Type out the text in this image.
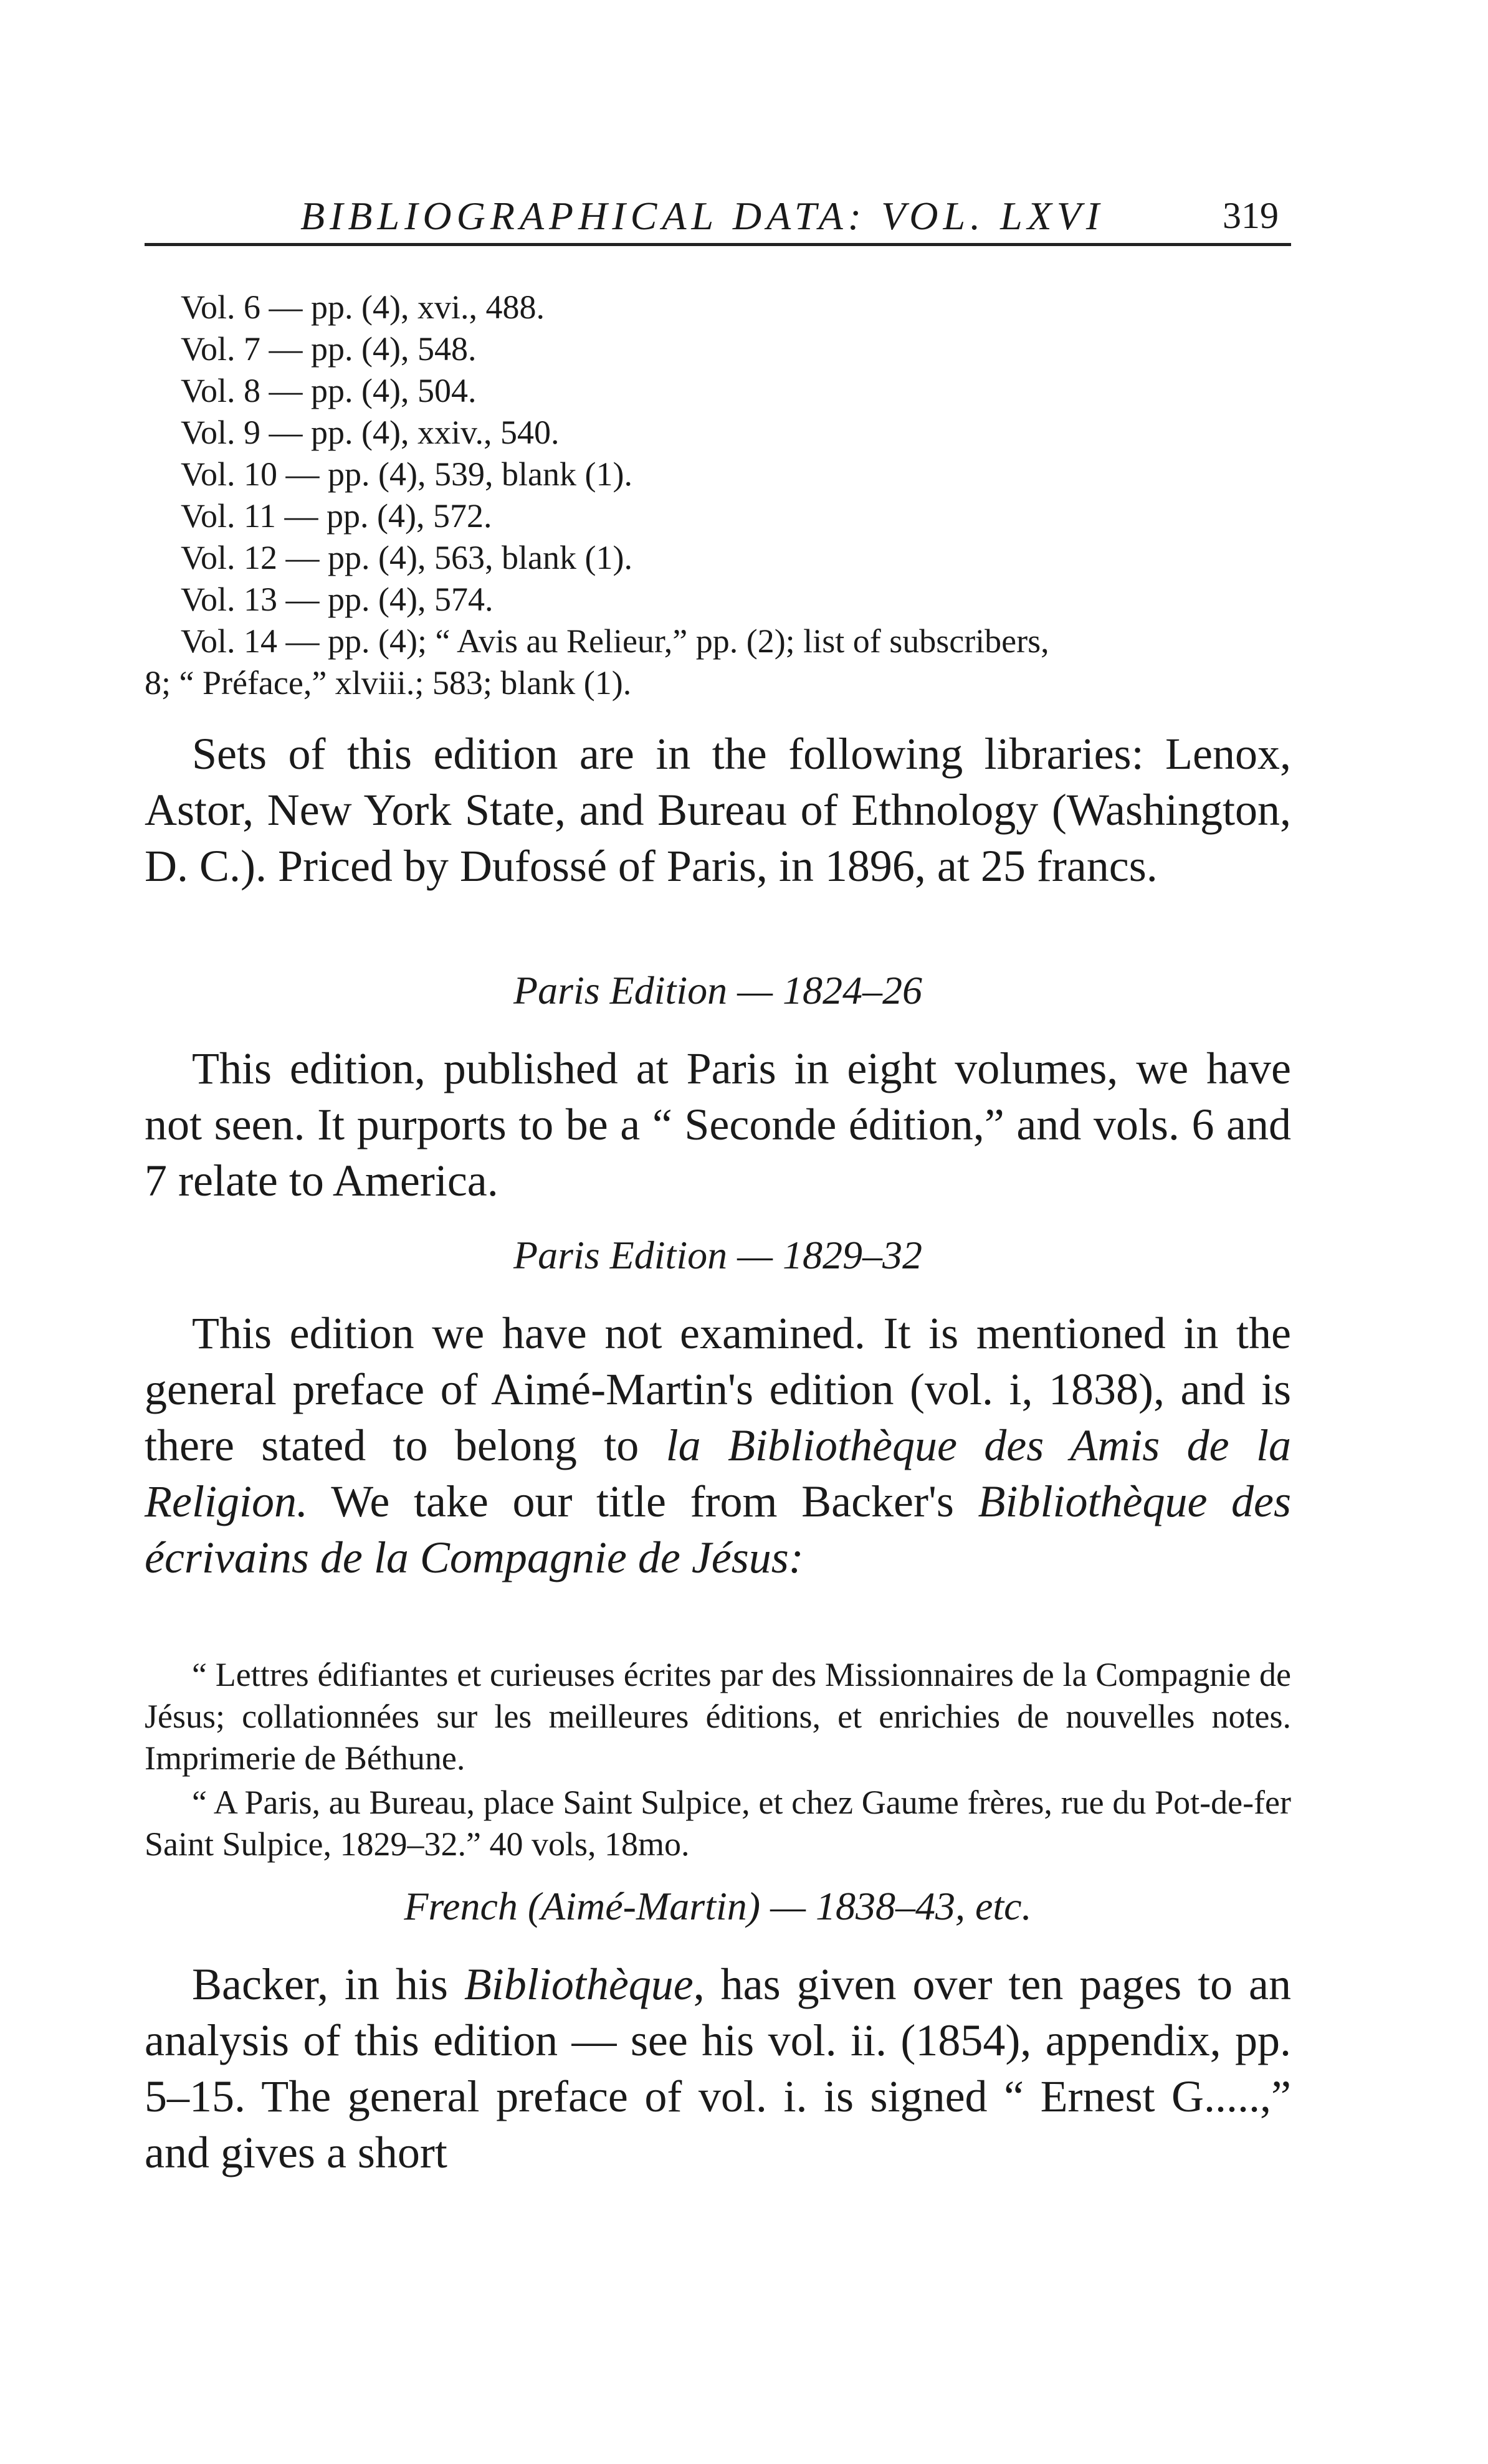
BIBLIOGRAPHICAL DATA: VOL. LXVI	319
Vol. 6 — pp. (4), xvi., 488.
Vol. 7 — pp. (4), 548.
Vol. 8 — pp. (4), 504.
Vol. 9 — pp. (4), xxiv., 540.
Vol. 10 — pp. (4), 539, blank (1).
Vol. 11 — pp. (4), 572.
Vol. 12 — pp. (4), 563, blank (1).
Vol. 13 — pp. (4), 574.
Vol. 14 — pp. (4); “ Avis au Relieur,” pp. (2); list of subscribers,
8; “ Préface,” xlviii.; 583; blank (1).

Sets of this edition are in the following libraries: Lenox, Astor, New York State, and Bureau of Ethnology (Washington, D. C.). Priced by Dufossé of Paris, in 1896, at 25 francs.

Paris Edition — 1824–26

This edition, published at Paris in eight volumes, we have not seen. It purports to be a “ Seconde édition,” and vols. 6 and 7 relate to America.

Paris Edition — 1829–32

This edition we have not examined. It is mentioned in the general preface of Aimé-Martin's edition (vol. i, 1838), and is there stated to belong to la Bibliothèque des Amis de la Religion. We take our title from Backer's Bibliothèque des écrivains de la Compagnie de Jésus:

“ Lettres édifiantes et curieuses écrites par des Missionnaires de la Compagnie de Jésus; collationnées sur les meilleures éditions, et enrichies de nouvelles notes. Imprimerie de Béthune.

“ A Paris, au Bureau, place Saint Sulpice, et chez Gaume frères, rue du Pot-de-fer Saint Sulpice, 1829–32.” 40 vols, 18mo.

French (Aimé-Martin) — 1838–43, etc.

Backer, in his Bibliothèque, has given over ten pages to an analysis of this edition — see his vol. ii. (1854), appendix, pp. 5–15. The general preface of vol. i. is signed “ Ernest G.....,” and gives a short
